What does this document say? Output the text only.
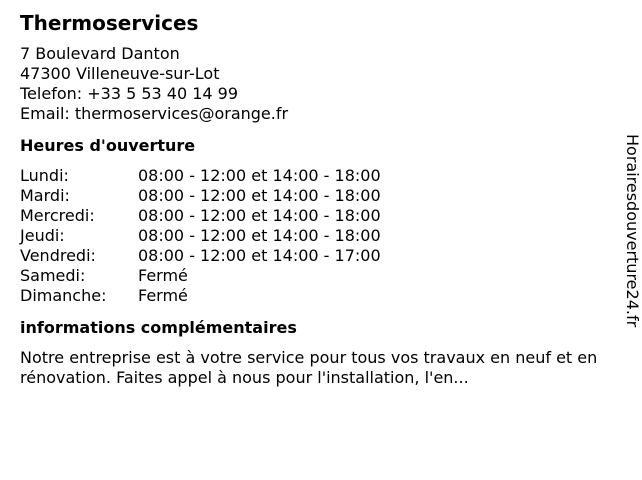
Thermoservices
7 Boulevard Danton
47300 Villeneuve-sur-Lot
Telefon: +33 5 53 40 14 99
Email: thermoservices@orange.fr
Heures d'ouverture
Lundi:	08:00 - 12:00 et 14:00 - 18:00
Mardi:	08:00 - 12:00 et 14:00 - 18:00
Mercredi:	08:00 - 12:00 et 14:00 - 18:00
Jeudi:	08:00 - 12:00 et 14:00 - 18:00
Vendredi:	08:00 - 12:00 et 14:00 - 17:00
Samedi:	Fermé
Dimanche:	Fermé
informations complémentaires
Notre entreprise est à votre service pour tous vos travaux en neuf et en rénovation. Faites appel à nous pour l'installation, l'en...
Horairesdouverture24.fr
